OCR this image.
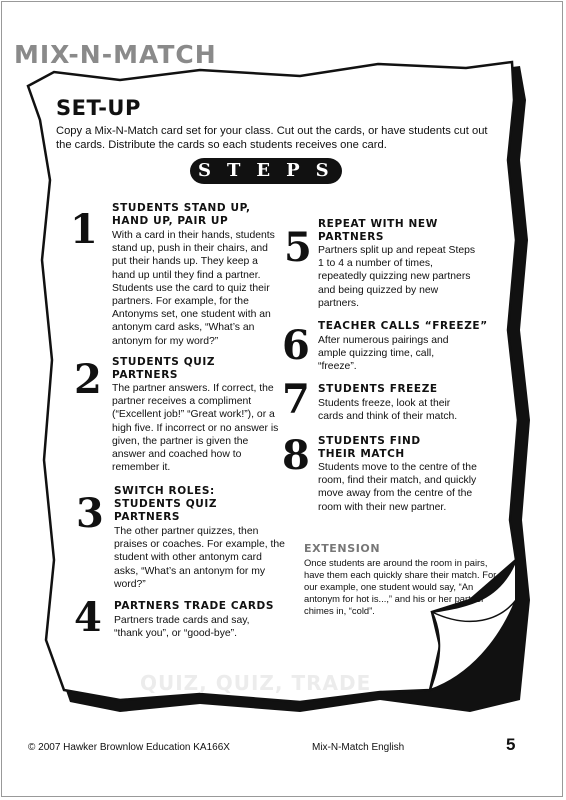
MIX-N-MATCH
SET-UP
Copy a Mix-N-Match card set for your class. Cut out the cards, or have students cut out the cards. Distribute the cards so each students receives one card.
STEPS
1 STUDENTS STAND UP, HAND UP, PAIR UP
With a card in their hands, students stand up, push in their chairs, and put their hands up. They keep a hand up until they find a partner. Students use the card to quiz their partners. For example, for the Antonyms set, one student with an antonym card asks, “What’s an antonym for my word?”
2 STUDENTS QUIZ PARTNERS
The partner answers. If correct, the partner receives a compliment (“Excellent job!” “Great work!”), or a high five. If incorrect or no answer is given, the partner is given the answer and coached how to remember it.
3 SWITCH ROLES: STUDENTS QUIZ PARTNERS
The other partner quizzes, then praises or coaches. For example, the student with other antonym card asks, “What’s an antonym for my word?”
4 PARTNERS TRADE CARDS
Partners trade cards and say, “thank you”, or “good-bye”.
5 REPEAT WITH NEW PARTNERS
Partners split up and repeat Steps 1 to 4 a number of times, repeatedly quizzing new partners and being quizzed by new partners.
6 TEACHER CALLS “FREEZE”
After numerous pairings and ample quizzing time, call, “freeze”.
7 STUDENTS FREEZE
Students freeze, look at their cards and think of their match.
8 STUDENTS FIND THEIR MATCH
Students move to the centre of the room, find their match, and quickly move away from the centre of the room with their new partner.
EXTENSION
Once students are around the room in pairs, have them each quickly share their match. For our example, one student would say, “An antonym for hot is...,” and his or her partner chimes in, “cold”.
QUIZ, QUIZ, TRADE
© 2007 Hawker Brownlow Education KA166X	Mix-N-Match English	5
